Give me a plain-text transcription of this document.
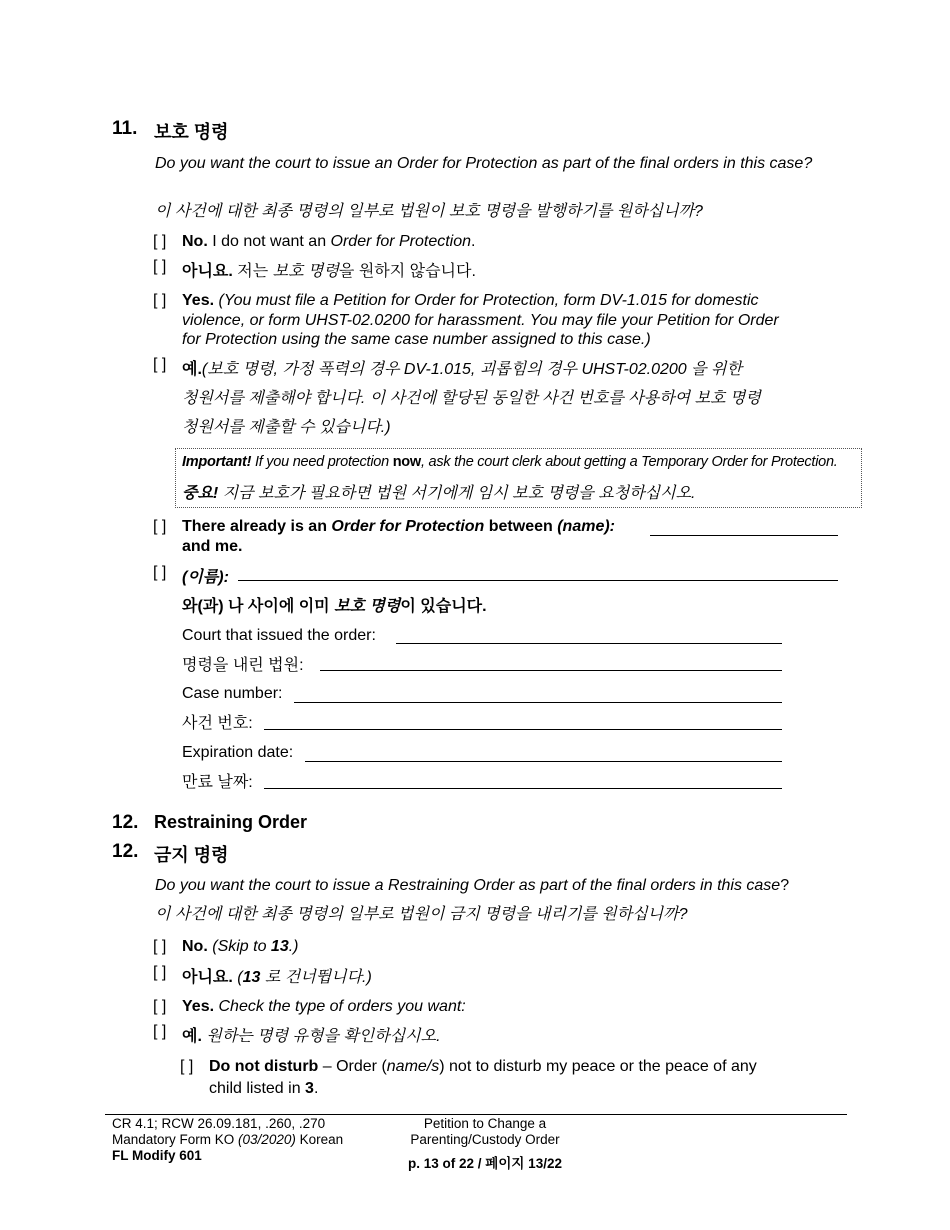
11. 보호 명령
Do you want the court to issue an Order for Protection as part of the final orders in this case?
이 사건에 대한 최종 명령의 일부로 법원이 보호 명령을 발행하기를 원하십니까?
[ ] No. I do not want an Order for Protection.
[ ] 아니요. 저는 보호 명령을 원하지 않습니다.
[ ] Yes. (You must file a Petition for Order for Protection, form DV-1.015 for domestic
violence, or form UHST-02.0200 for harassment. You may file your Petition for Order
for Protection using the same case number assigned to this case.)
[ ] 예.(보호 명령, 가정 폭력의 경우 DV-1.015, 괴롭힘의 경우 UHST-02.0200 을 위한
청원서를 제출해야 합니다. 이 사건에 할당된 동일한 사건 번호를 사용하여 보호 명령
청원서를 제출할 수 있습니다.)
Important! If you need protection now, ask the court clerk about getting a Temporary Order for Protection.
중요! 지금 보호가 필요하면 법원 서기에게 임시 보호 명령을 요청하십시오.
[ ] There already is an Order for Protection between (name):
and me.
[ ] (이름):
와(과) 나 사이에 이미 보호 명령이 있습니다.
Court that issued the order:
명령을 내린 법원:
Case number:
사건 번호:
Expiration date:
만료 날짜:
12. Restraining Order
12. 금지 명령
Do you want the court to issue a Restraining Order as part of the final orders in this case?
이 사건에 대한 최종 명령의 일부로 법원이 금지 명령을 내리기를 원하십니까?
[ ] No. (Skip to 13.)
[ ] 아니요. (13 로 건너뜁니다.)
[ ] Yes. Check the type of orders you want:
[ ] 예. 원하는 명령 유형을 확인하십시오.
[ ] Do not disturb – Order (name/s) not to disturb my peace or the peace of any
child listed in 3.
CR 4.1; RCW 26.09.181, .260, .270
Mandatory Form KO (03/2020) Korean
FL Modify 601
Petition to Change a
Parenting/Custody Order
p. 13 of 22 / 페이지 13/22
